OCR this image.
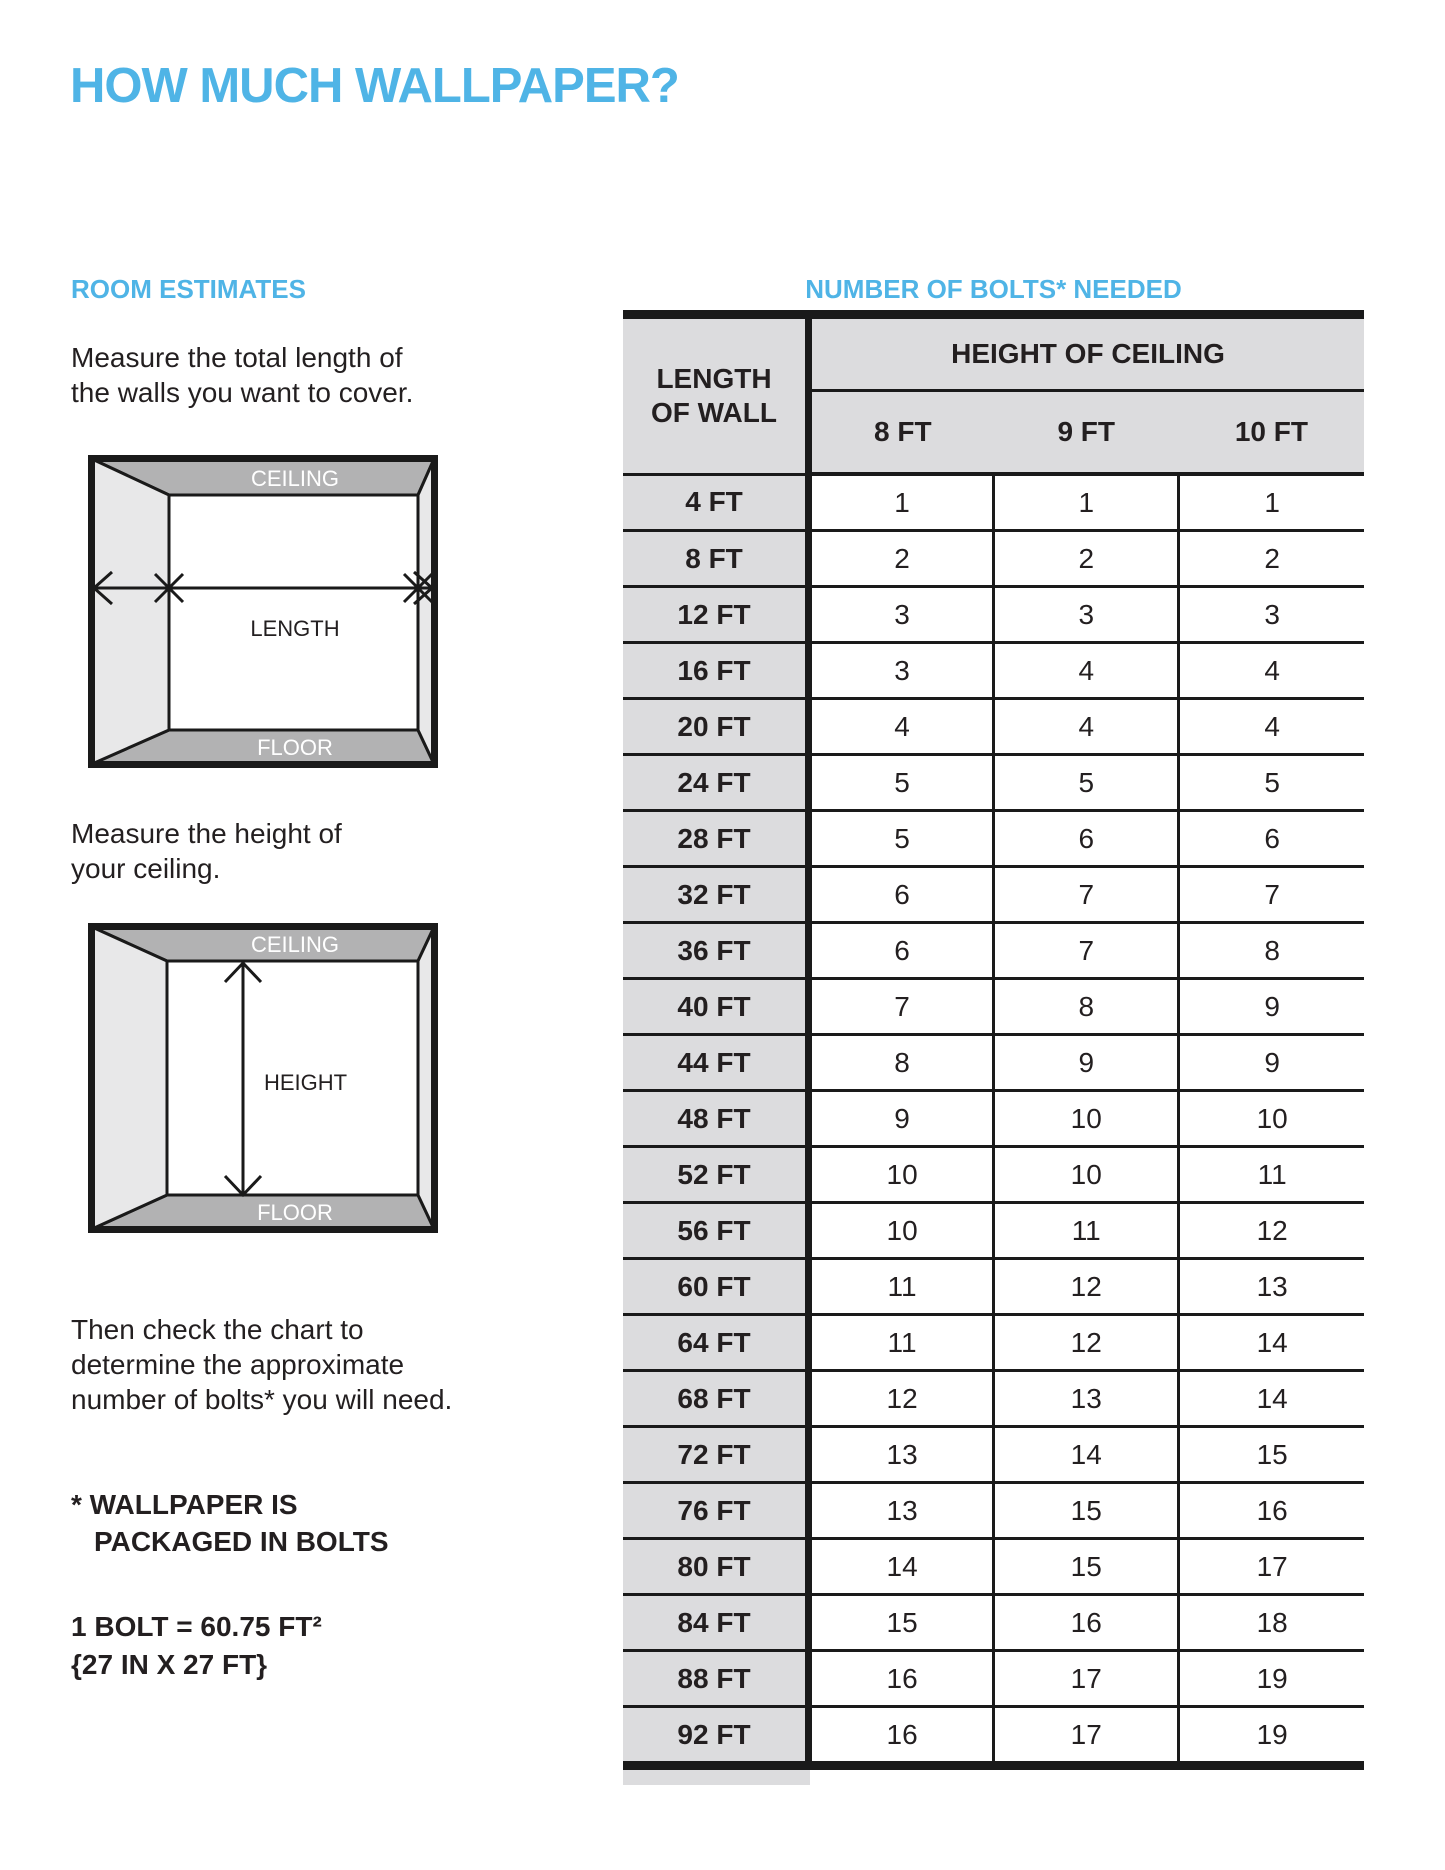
HOW MUCH WALLPAPER?
ROOM ESTIMATES
Measure the total length of the walls you want to cover.
CEILING
FLOOR
LENGTH
Measure the height of your ceiling.
CEILING
FLOOR
HEIGHT
Then check the chart to determine the approximate number of bolts* you will need.
* WALLPAPER IS
PACKAGED IN BOLTS
1 BOLT = 60.75 FT²
{27 IN X 27 FT}
NUMBER OF BOLTS* NEEDED
LENGTH
OF WALL	HEIGHT OF CEILING		
	8 FT	9 FT	10 FT
4 FT	1	1	1
8 FT	2	2	2
12 FT	3	3	3
16 FT	3	4	4
20 FT	4	4	4
24 FT	5	5	5
28 FT	5	6	6
32 FT	6	7	7
36 FT	6	7	8
40 FT	7	8	9
44 FT	8	9	9
48 FT	9	10	10
52 FT	10	10	11
56 FT	10	11	12
60 FT	11	12	13
64 FT	11	12	14
68 FT	12	13	14
72 FT	13	14	15
76 FT	13	15	16
80 FT	14	15	17
84 FT	15	16	18
88 FT	16	17	19
92 FT	16	17	19
